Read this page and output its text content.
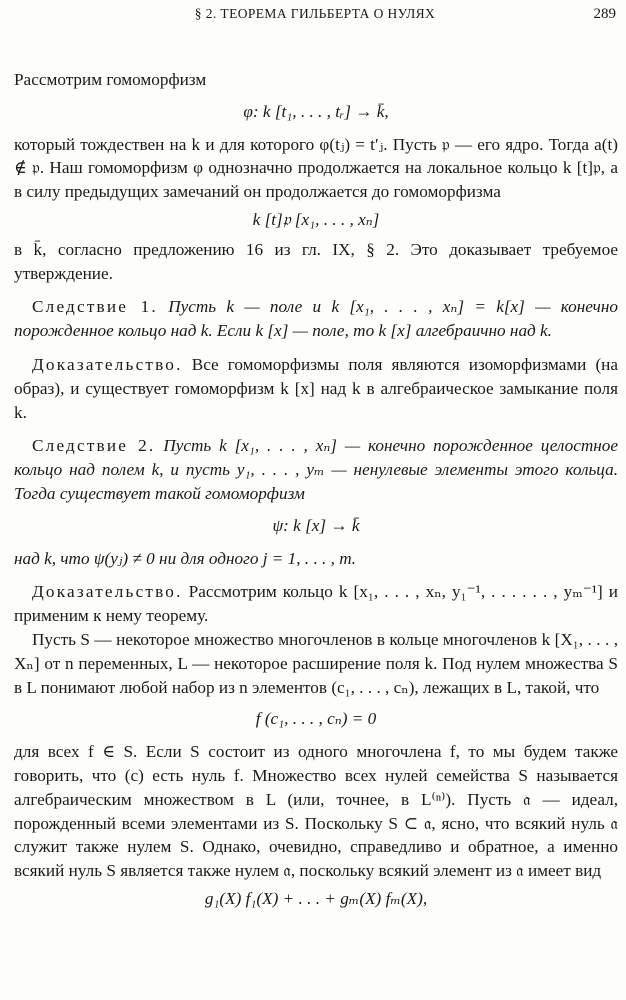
§ 2. ТЕОРЕМА ГИЛЬБЕРТА О НУЛЯХ	289

Рассмотрим гомоморфизм

φ: k [t₁, . . . , tᵣ] → k̄,

который тождествен на k и для которого φ(tⱼ) = t′ⱼ. Пусть 𝔭 — его ядро. Тогда a(t) ∉ 𝔭. Наш гомоморфизм φ однозначно продолжается на локальное кольцо k [t]𝔭, а в силу предыдущих замечаний он продолжается до гомоморфизма

k [t]𝔭 [x₁, . . . , xₙ]

в k̄, согласно предложению 16 из гл. IX, § 2. Это доказывает требуемое утверждение.

Следствие 1. Пусть k — поле и k [x₁, . . . , xₙ] = k[x] — конечно порожденное кольцо над k. Если k [x] — поле, то k [x] алгебраично над k.

Доказательство. Все гомоморфизмы поля являются изоморфизмами (на образ), и существует гомоморфизм k [x] над k в алгебраическое замыкание поля k.

Следствие 2. Пусть k [x₁, . . . , xₙ] — конечно порожденное целостное кольцо над полем k, и пусть y₁, . . . , yₘ — ненулевые элементы этого кольца. Тогда существует такой гомоморфизм

ψ: k [x] → k̄

над k, что ψ(yⱼ) ≠ 0 ни для одного j = 1, . . . , m.

Доказательство. Рассмотрим кольцо k [x₁, . . . , xₙ, y₁⁻¹, . . . . . . , yₘ⁻¹] и применим к нему теорему.

Пусть S — некоторое множество многочленов в кольце многочленов k [X₁, . . . , Xₙ] от n переменных, L — некоторое расширение поля k. Под нулем множества S в L понимают любой набор из n элементов (c₁, . . . , cₙ), лежащих в L, такой, что

f (c₁, . . . , cₙ) = 0

для всех f ∈ S. Если S состоит из одного многочлена f, то мы будем также говорить, что (c) есть нуль f. Множество всех нулей семейства S называется алгебраическим множеством в L (или, точнее, в L⁽ⁿ⁾). Пусть 𝔞 — идеал, порожденный всеми элементами из S. Поскольку S ⊂ 𝔞, ясно, что всякий нуль 𝔞 служит также нулем S. Однако, очевидно, справедливо и обратное, а именно всякий нуль S является также нулем 𝔞, поскольку всякий элемент из 𝔞 имеет вид

g₁(X) f₁(X) + . . . + gₘ(X) fₘ(X),
